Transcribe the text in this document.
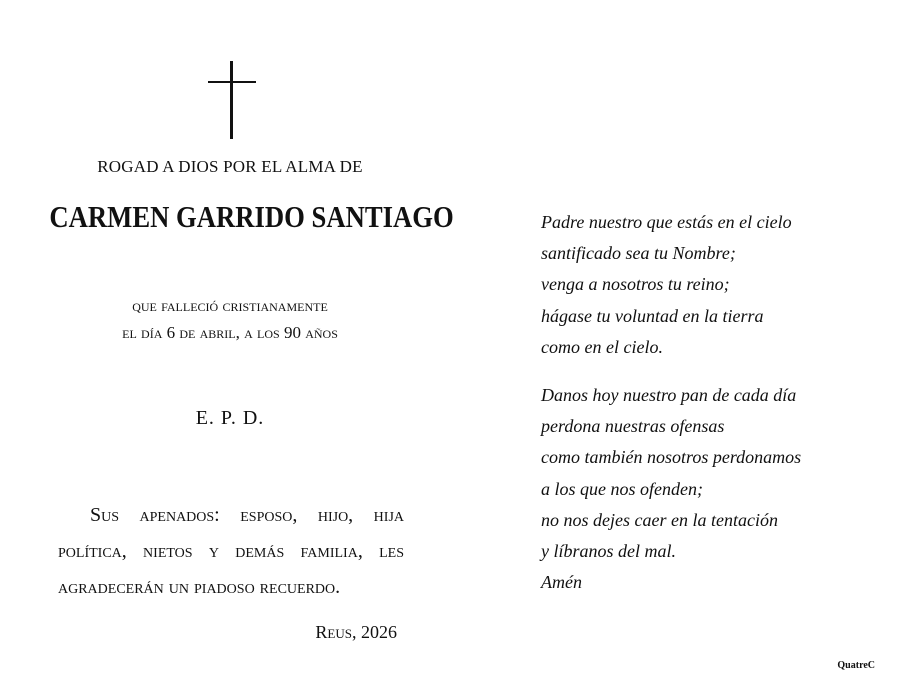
ROGAD A DIOS POR EL ALMA DE
CARMEN GARRIDO SANTIAGO
que falleció cristianamente
el día 6 de abril, a los 90 años
E. P. D.
Sus apenados: esposo, hijo, hija política, nietos y demás familia, les agradecerán un piadoso recuerdo.
Reus, 2026
Padre nuestro que estás en el cielo
santificado sea tu Nombre;
venga a nosotros tu reino;
hágase tu voluntad en la tierra
como en el cielo.
Danos hoy nuestro pan de cada día
perdona nuestras ofensas
como también nosotros perdonamos
a los que nos ofenden;
no nos dejes caer en la tentación
y líbranos del mal.
Amén
QuatreC
